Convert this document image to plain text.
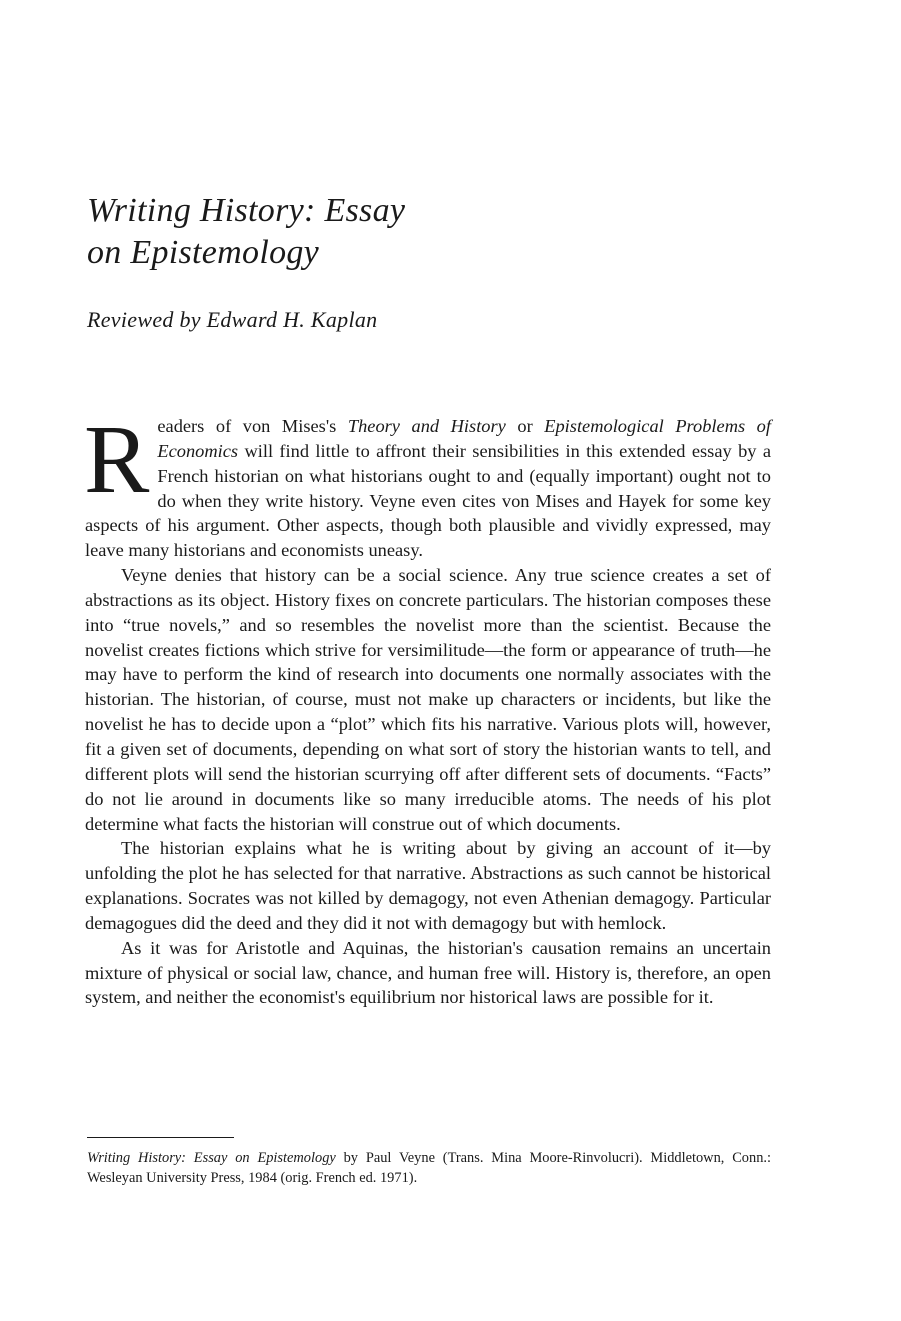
Writing History: Essay
on Epistemology

Reviewed by Edward H. Kaplan

Readers of von Mises's Theory and History or Epistemological Problems of Economics will find little to affront their sensibilities in this extended essay by a French historian on what historians ought to and (equally important) ought not to do when they write history. Veyne even cites von Mises and Hayek for some key aspects of his argument. Other aspects, though both plausible and vividly expressed, may leave many historians and economists uneasy.

Veyne denies that history can be a social science. Any true science creates a set of abstractions as its object. History fixes on concrete particulars. The historian composes these into “true novels,” and so resembles the novelist more than the scientist. Because the novelist creates fictions which strive for versimilitude—the form or appearance of truth—he may have to perform the kind of research into documents one normally associates with the historian. The historian, of course, must not make up characters or incidents, but like the novelist he has to decide upon a “plot” which fits his narrative. Various plots will, however, fit a given set of documents, depending on what sort of story the historian wants to tell, and different plots will send the historian scurrying off after different sets of documents. “Facts” do not lie around in documents like so many irreducible atoms. The needs of his plot determine what facts the historian will construe out of which documents.

The historian explains what he is writing about by giving an account of it—by unfolding the plot he has selected for that narrative. Abstractions as such cannot be historical explanations. Socrates was not killed by demagogy, not even Athenian demagogy. Particular demagogues did the deed and they did it not with demagogy but with hemlock.

As it was for Aristotle and Aquinas, the historian's causation remains an uncertain mixture of physical or social law, chance, and human free will. History is, therefore, an open system, and neither the economist's equilibrium nor historical laws are possible for it.

Writing History: Essay on Epistemology by Paul Veyne (Trans. Mina Moore-Rinvolucri). Middletown, Conn.: Wesleyan University Press, 1984 (orig. French ed. 1971).
